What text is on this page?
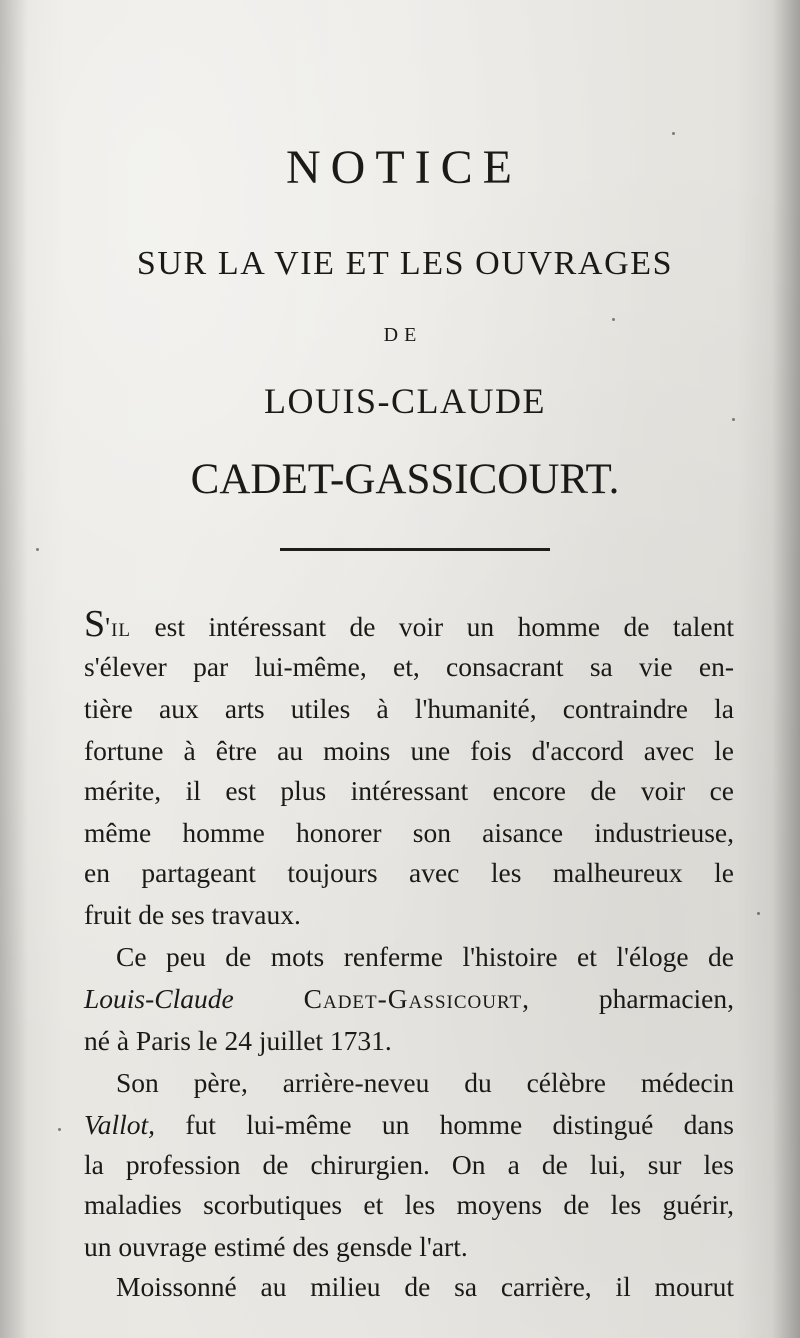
NOTICE
SUR LA VIE ET LES OUVRAGES
DE
LOUIS-CLAUDE
CADET-GASSICOURT.
S'il est intéressant de voir un homme de talent
s'élever par lui-même, et, consacrant sa vie en-
tière aux arts utiles à l'humanité, contraindre la
fortune à être au moins une fois d'accord avec le
mérite, il est plus intéressant encore de voir ce
même homme honorer son aisance industrieuse,
en partageant toujours avec les malheureux le
fruit de ses travaux.
Ce peu de mots renferme l'histoire et l'éloge de
Louis-Claude	Cadet-Gassicourt, pharmacien,
né à Paris le 24 juillet 1731.
Son père, arrière-neveu du célèbre médecin
Vallot, fut lui-même un homme distingué dans
la profession de chirurgien. On a de lui, sur les
maladies scorbutiques et les moyens de les guérir,
un ouvrage estimé des gensde l'art.
Moissonné au milieu de sa carrière, il mourut
